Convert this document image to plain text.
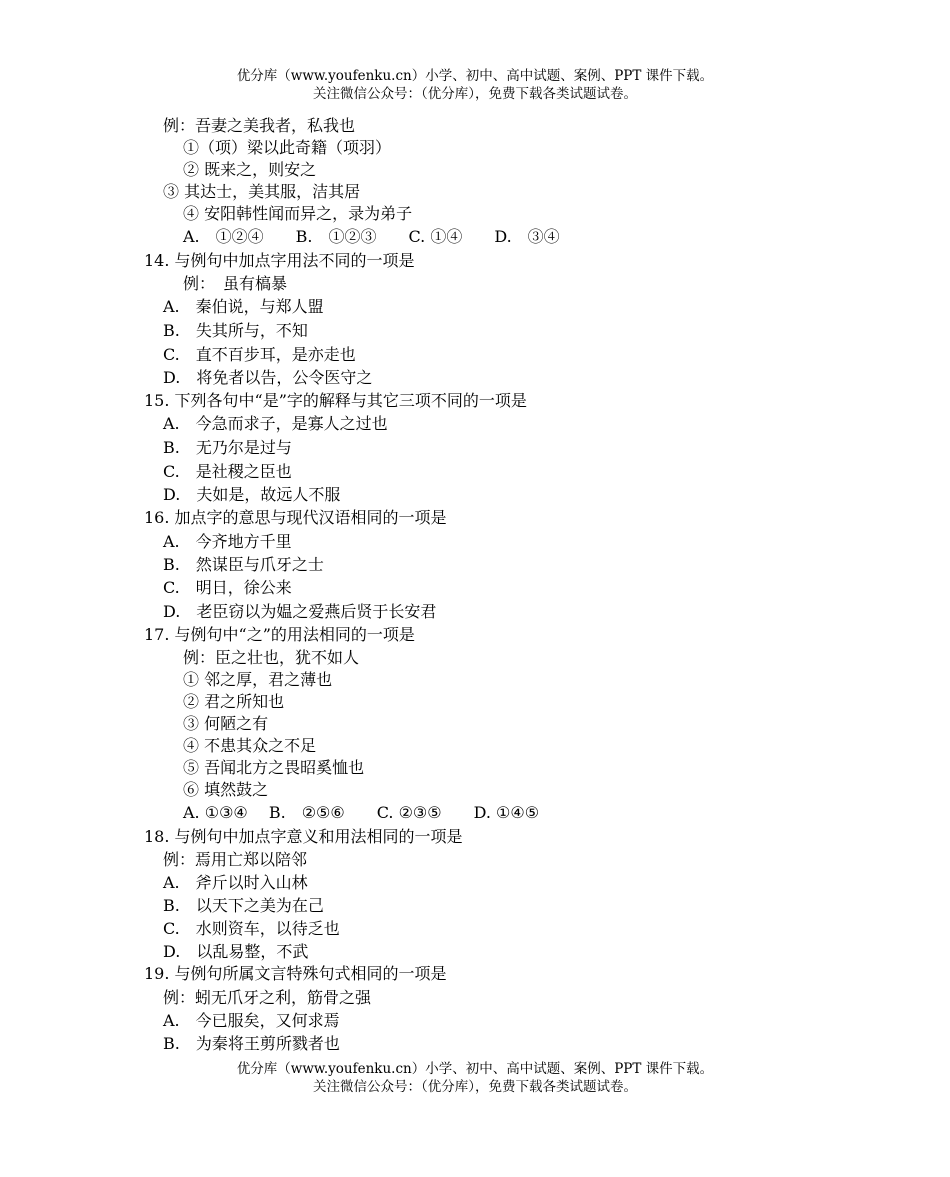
优分库（www.youfenku.cn）小学、初中、高中试题、案例、PPT 课件下载。
关注微信公众号：（优分库），免费下载各类试题试卷。
例：吾妻之美我者，私我也
①（项）梁以此奇籍（项羽）
② 既来之，则安之
③ 其达士，美其服，洁其居
④ 安阳韩性闻而异之，录为弟子
A.　①②④　　B.　①②③　　C. ①④　　D.　③④
14. 与例句中加点字用法不同的一项是
例：　虽有槁暴
A.　秦伯说，与郑人盟
B.　失其所与，不知
C.　直不百步耳，是亦走也
D.　将免者以告，公令医守之
15. 下列各句中“是”字的解释与其它三项不同的一项是
A.　今急而求子，是寡人之过也
B.　无乃尔是过与
C.　是社稷之臣也
D.　夫如是，故远人不服
16. 加点字的意思与现代汉语相同的一项是
A.　今齐地方千里
B.　然谋臣与爪牙之士
C.　明日，徐公来
D.　老臣窃以为媪之爱燕后贤于长安君
17. 与例句中“之”的用法相同的一项是
例：臣之壮也，犹不如人
① 邻之厚，君之薄也
② 君之所知也
③ 何陋之有
④ 不患其众之不足
⑤ 吾闻北方之畏昭奚恤也
⑥ 填然鼓之
A. ①③④　 B.　②⑤⑥　　C. ②③⑤　　D. ①④⑤
18. 与例句中加点字意义和用法相同的一项是
例：焉用亡郑以陪邻
A.　斧斤以时入山林
B.　以天下之美为在己
C.　水则资车，以待乏也
D.　以乱易整，不武
19. 与例句所属文言特殊句式相同的一项是
例：蚓无爪牙之利，筋骨之强
A.　今已服矣，又何求焉
B.　为秦将王剪所戮者也
优分库（www.youfenku.cn）小学、初中、高中试题、案例、PPT 课件下载。
关注微信公众号：（优分库），免费下载各类试题试卷。
